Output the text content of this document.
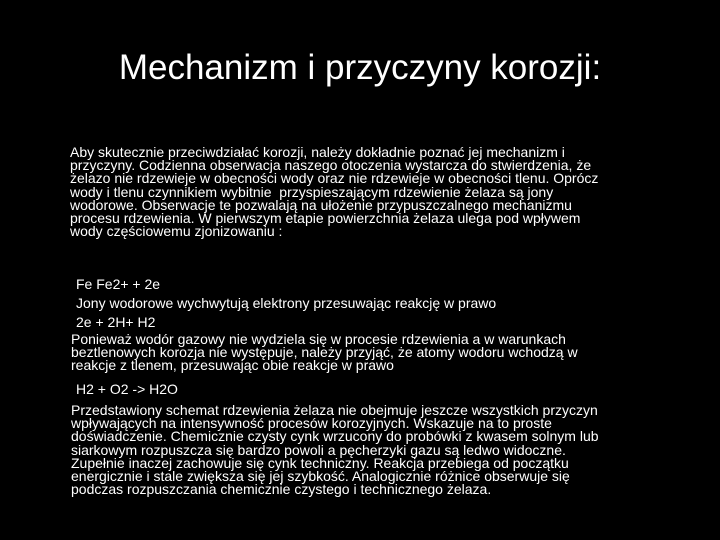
Mechanizm i przyczyny korozji:
Aby skutecznie przeciwdziałać korozji, należy dokładnie poznać jej mechanizm i
przyczyny. Codzienna obserwacja naszego otoczenia wystarcza do stwierdzenia, że
żelazo nie rdzewieje w obecności wody oraz nie rdzewieje w obecności tlenu. Oprócz
wody i tlenu czynnikiem wybitnie  przyspieszającym rdzewienie żelaza są jony
wodorowe. Obserwacje te pozwalają na ułożenie przypuszczalnego mechanizmu
procesu rdzewienia. W pierwszym etapie powierzchnia żelaza ulega pod wpływem
wody częściowemu zjonizowaniu :
Fe Fe2+ + 2e
Jony wodorowe wychwytują elektrony przesuwając reakcję w prawo
2e + 2H+ H2
Ponieważ wodór gazowy nie wydziela się w procesie rdzewienia a w warunkach
beztlenowych korozja nie występuje, należy przyjąć, że atomy wodoru wchodzą w
reakcje z tlenem, przesuwając obie reakcje w prawo
H2 + O2 -> H2O
Przedstawiony schemat rdzewienia żelaza nie obejmuje jeszcze wszystkich przyczyn
wpływających na intensywność procesów korozyjnych. Wskazuje na to proste
doświadczenie. Chemicznie czysty cynk wrzucony do probówki z kwasem solnym lub
siarkowym rozpuszcza się bardzo powoli a pęcherzyki gazu są ledwo widoczne.
Zupełnie inaczej zachowuje się cynk techniczny. Reakcja przebiega od początku
energicznie i stale zwiększa się jej szybkość. Analogicznie różnice obserwuje się
podczas rozpuszczania chemicznie czystego i technicznego żelaza.
